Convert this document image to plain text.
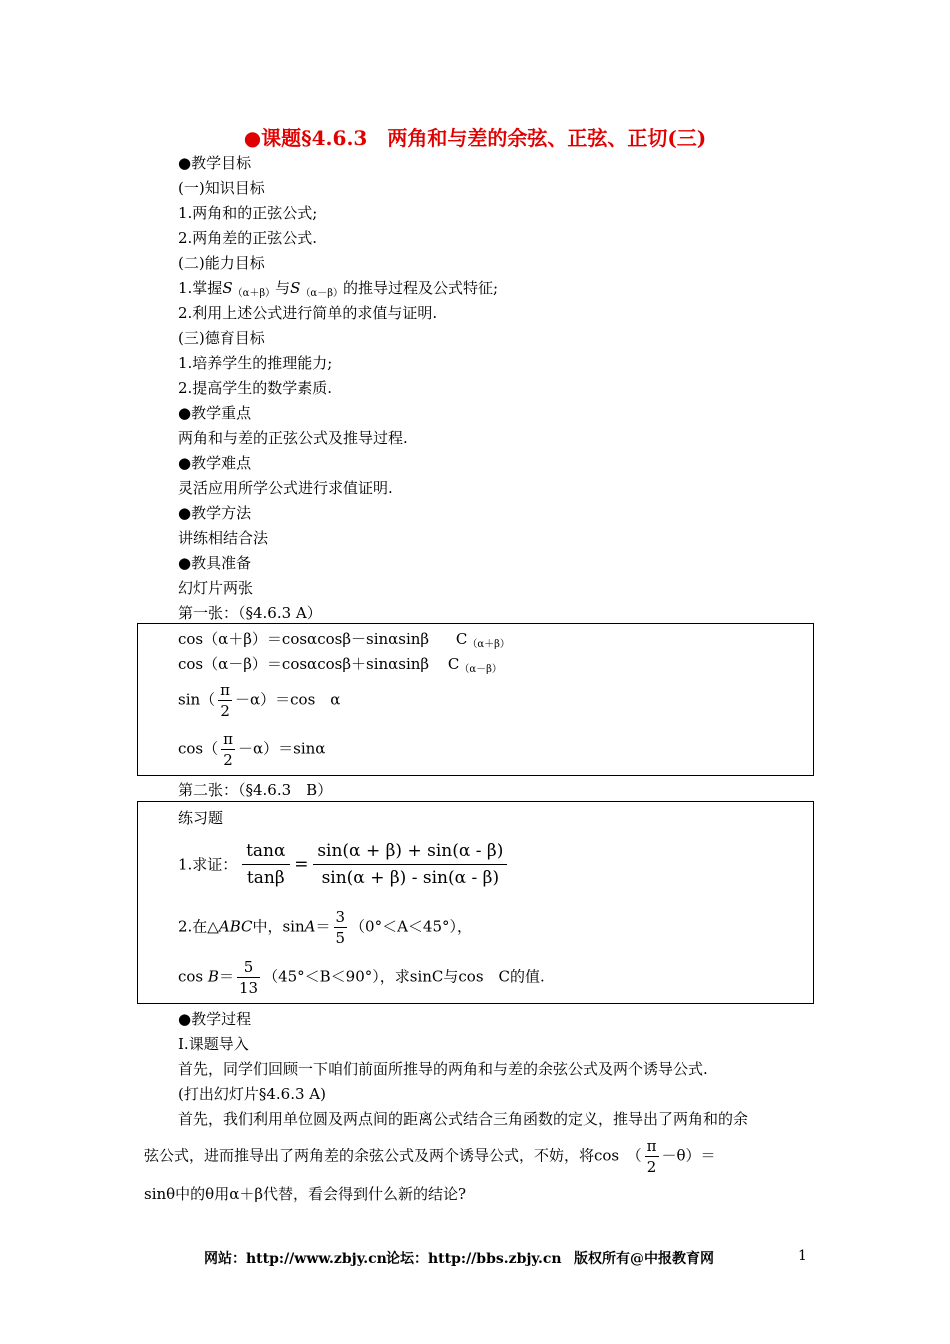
●课题§4.6.3　两角和与差的余弦、正弦、正切(三)
●教学目标
(一)知识目标
1.两角和的正弦公式;
2.两角差的正弦公式.
(二)能力目标
1.掌握$S_{(\alpha+\beta)}$与$S_{(\alpha-\beta)}$的推导过程及公式特征;
2.利用上述公式进行简单的求值与证明.
(三)德育目标
1.培养学生的推理能力;
2.提高学生的数学素质.
●教学重点
两角和与差的正弦公式及推导过程.
●教学难点
灵活应用所学公式进行求值证明.
●教学方法
讲练相结合法
●教具准备
幻灯片两张
第一张：（§4.6.3 A）
cos（α＋β）＝cosαcosβ－sinαsinβ $C_{(\alpha+\beta)}$
cos（α－β）＝cosαcosβ＋sinαsinβ $C_{(\alpha-\beta)}$
$\sin( \frac{\pi}{2} -\alpha)=\cos$　α
$\cos( \frac{\pi}{2} -\alpha)=\sin\alpha$
第二张：（§4.6.3　B）
练习题
1.求证： $\frac{\tan\alpha}{\tan\beta} = \frac{\sin(\alpha + \beta) + \sin(\alpha - \beta)}{\sin(\alpha + \beta) - \sin(\alpha - \beta)}$
2.在△ABC中，$\sin A= \frac{3}{5} (0^\circ<A<45^\circ)$，
$\cos B= \frac{5}{13} (45^\circ<B<90^\circ)$，求sinC与cos　C的值.
●教学过程
Ⅰ.课题导入
首先，同学们回顾一下咱们前面所推导的两角和与差的余弦公式及两个诱导公式.
(打出幻灯片§4.6.3 A)
首先，我们利用单位圆及两点间的距离公式结合三角函数的定义，推导出了两角和的余
弦公式，进而推导出了两角差的余弦公式及两个诱导公式，不妨，将cos　（ $\frac{\pi}{2} -\theta)=$
sinθ中的θ用α＋β代替，看会得到什么新的结论?
网站：http://www.zbjy.cn 论坛：http://bbs.zbjy.cn 版权所有@中报教育网	1
